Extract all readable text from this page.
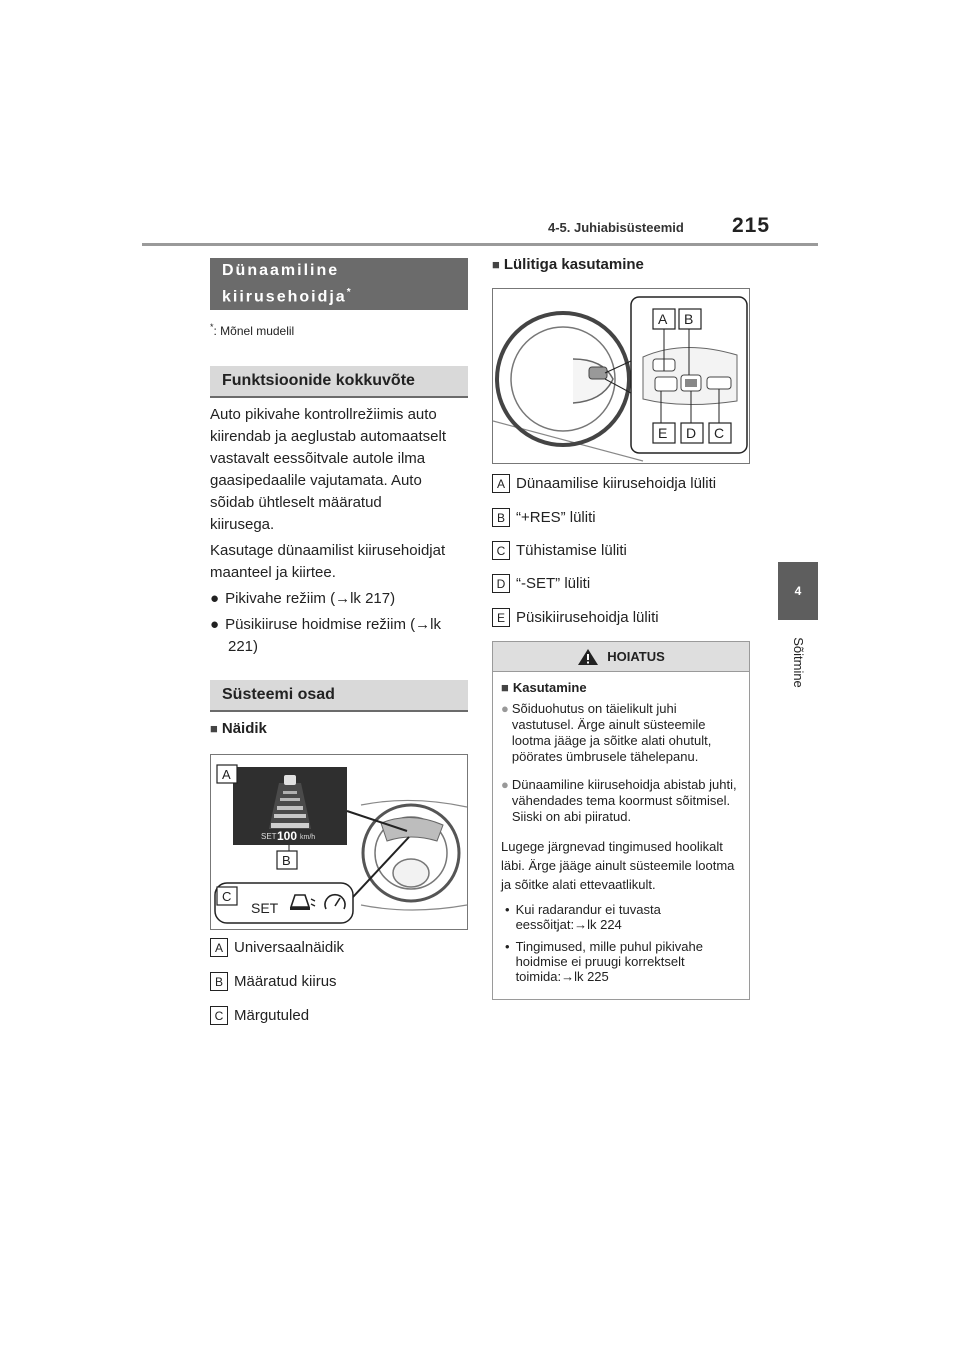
4-5. Juhiabisüsteemid 215
4
Sõitmine
Dünaamiline
kiirusehoidja*
*: Mõnel mudelil
Funktsioonide kokkuvõte
Auto pikivahe kontrollrežiimis auto
kiirendab ja aeglustab automaatselt
vastavalt eessõitvale autole ilma
gaasipedaalile vajutamata. Auto
sõidab ühtleselt määratud
kiirusega.
Kasutage dünaamilist kiirusehoidjat
maanteel ja kiirtee.
● Pikivahe režiim (→lk 217)
● Püsikiiruse hoidmise režiim (→lk
221)
Süsteemi osad
■ Näidik
SET 100 km/h
A
B
C
SET
A Universaalnäidik
B Määratud kiirus
C Märgutuled
■ Lülitiga kasutamine
A B
E D C
A Dünaamilise kiirusehoidja lüliti
B “+RES” lüliti
C Tühistamise lüliti
D “-SET” lüliti
E Püsikiirusehoidja lüliti
HOIATUS

■ Kasutamine

● Sõiduohutus on täielikult juhi vastutusel. Ärge ainult süsteemile lootma jääge ja sõitke alati ohutult, pöörates ümbrusele tähelepanu.

● Dünaamiline kiirusehoidja abistab juhti, vähendades tema koormust sõitmisel. Siiski on abi piiratud.

Lugege järgnevad tingimused hoolikalt läbi. Ärge jääge ainult süsteemile lootma ja sõitke alati ettevaatlikult.

• Kui radarandur ei tuvasta eessõitjat:→lk 224

• Tingimused, mille puhul pikivahe hoidmise ei pruugi korrektselt toimida:→lk 225
